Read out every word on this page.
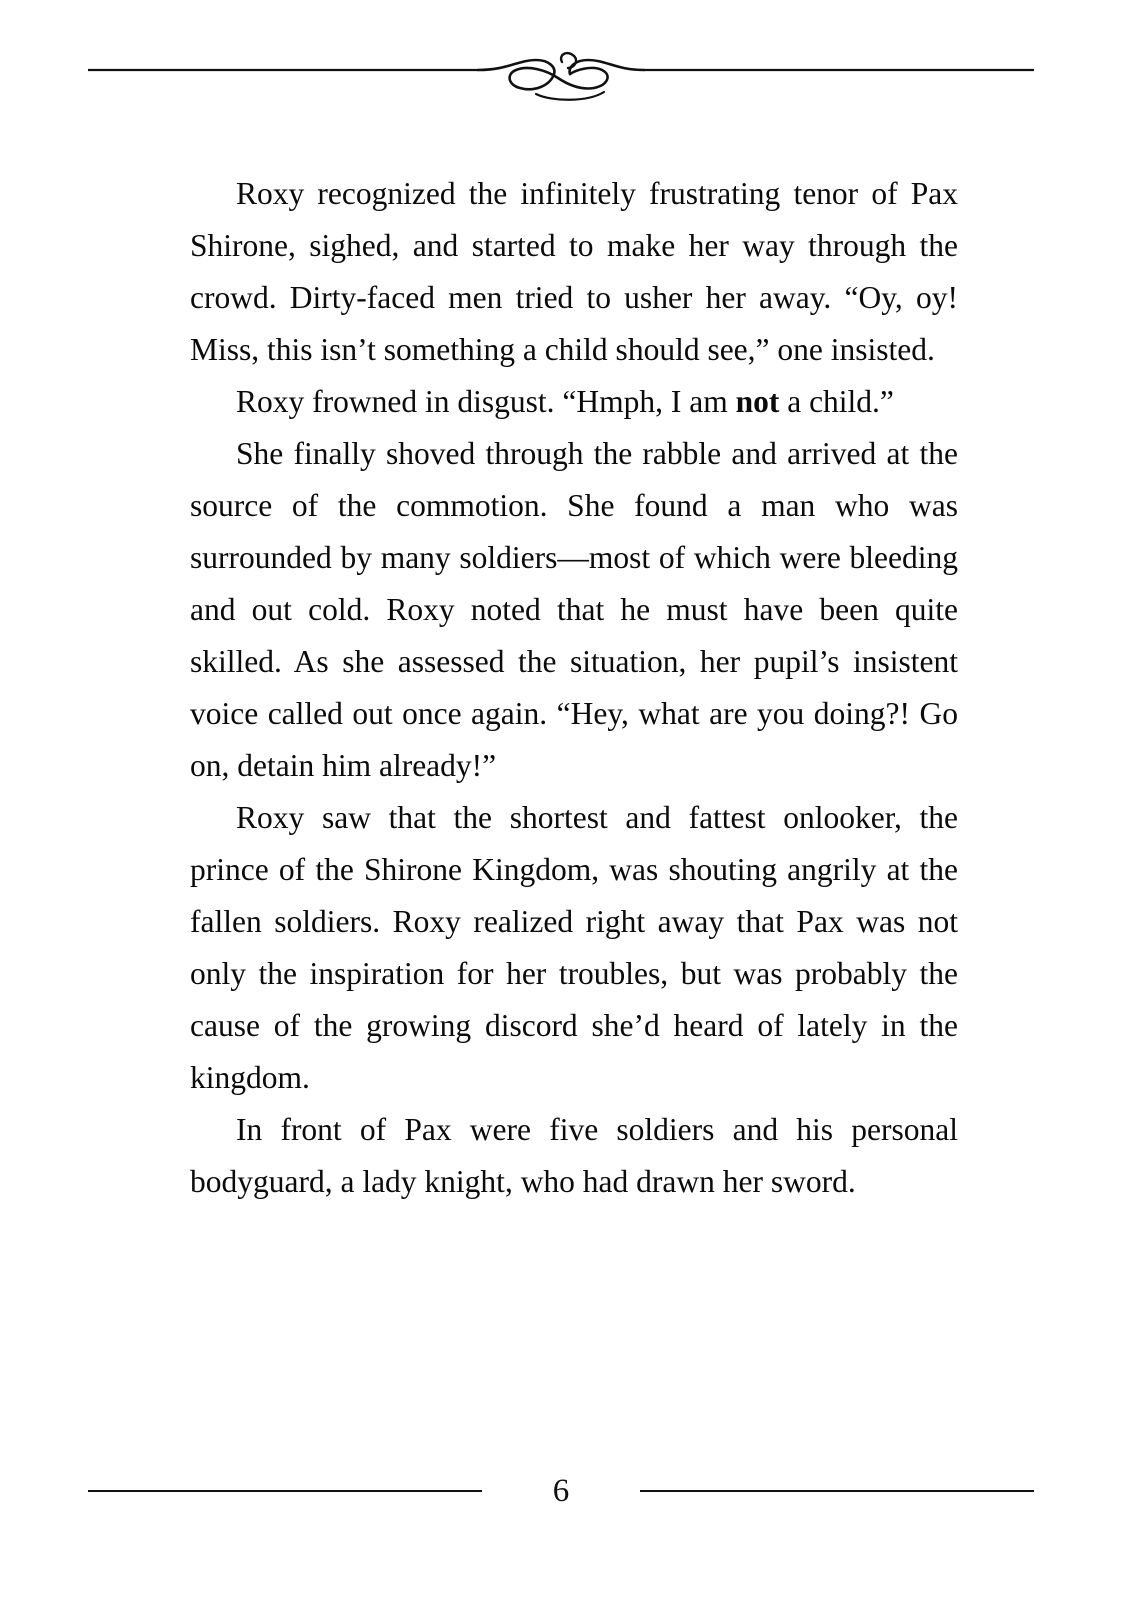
Roxy recognized the infinitely frustrating tenor of Pax Shirone, sighed, and started to make her way through the crowd. Dirty-faced men tried to usher her away. “Oy, oy! Miss, this isn’t something a child should see,” one insisted.

Roxy frowned in disgust. “Hmph, I am not a child.”

She finally shoved through the rabble and arrived at the source of the commotion. She found a man who was surrounded by many soldiers—most of which were bleeding and out cold. Roxy noted that he must have been quite skilled. As she assessed the situation, her pupil’s insistent voice called out once again. “Hey, what are you doing?! Go on, detain him already!”

Roxy saw that the shortest and fattest onlooker, the prince of the Shirone Kingdom, was shouting angrily at the fallen soldiers. Roxy realized right away that Pax was not only the inspiration for her troubles, but was probably the cause of the growing discord she’d heard of lately in the kingdom.

In front of Pax were five soldiers and his personal bodyguard, a lady knight, who had drawn her sword.

6
